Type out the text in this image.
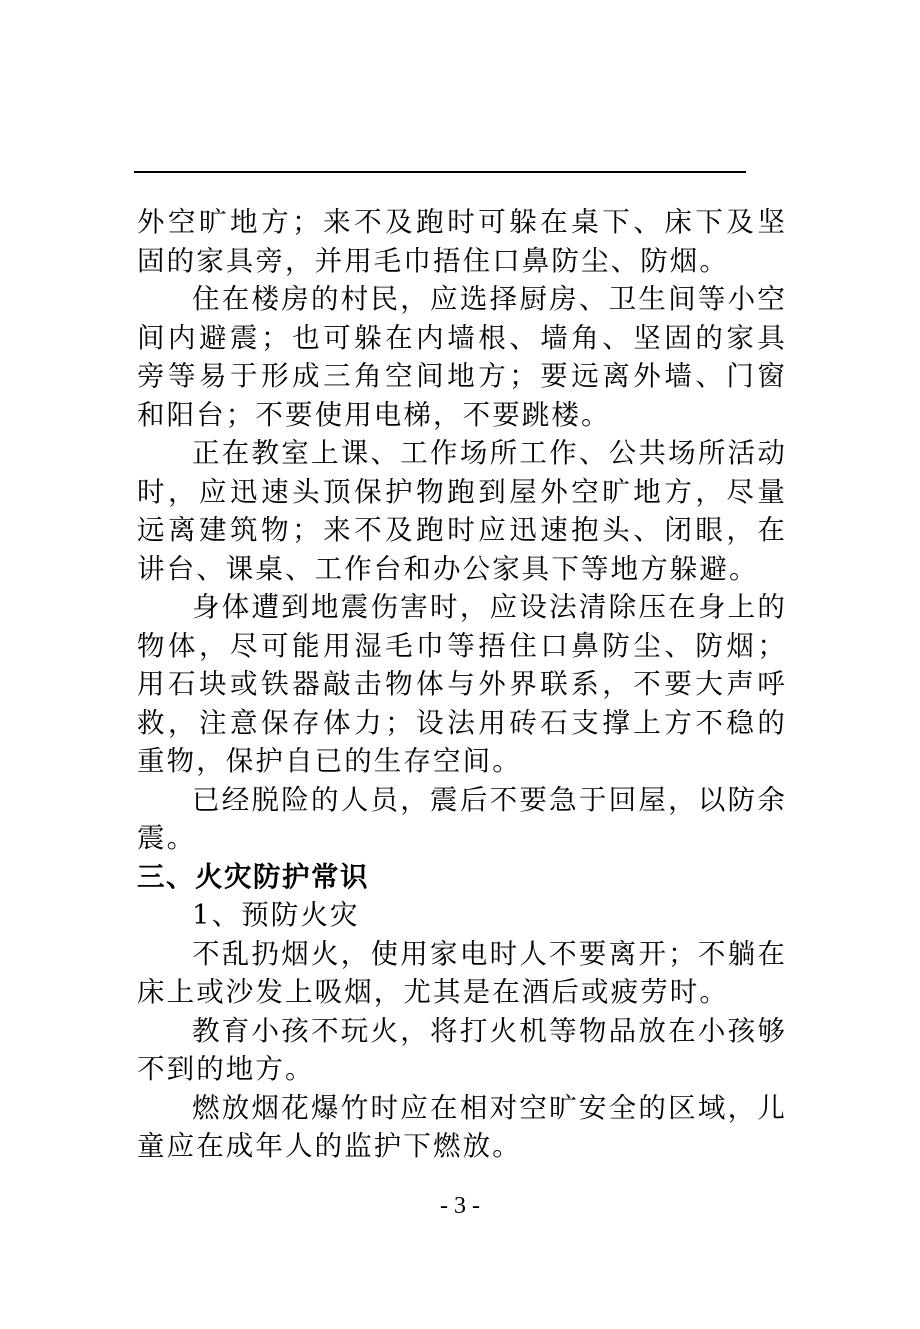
外空旷地方；来不及跑时可躲在桌下、床下及坚固的家具旁，并用毛巾捂住口鼻防尘、防烟。

住在楼房的村民，应选择厨房、卫生间等小空间内避震；也可躲在内墙根、墙角、坚固的家具旁等易于形成三角空间地方；要远离外墙、门窗和阳台；不要使用电梯，不要跳楼。

正在教室上课、工作场所工作、公共场所活动时，应迅速头顶保护物跑到屋外空旷地方，尽量远离建筑物；来不及跑时应迅速抱头、闭眼，在讲台、课桌、工作台和办公家具下等地方躲避。

身体遭到地震伤害时，应设法清除压在身上的物体，尽可能用湿毛巾等捂住口鼻防尘、防烟；用石块或铁器敲击物体与外界联系，不要大声呼救，注意保存体力；设法用砖石支撑上方不稳的重物，保护自已的生存空间。

已经脱险的人员，震后不要急于回屋，以防余震。

三、火灾防护常识

1、预防火灾

不乱扔烟火，使用家电时人不要离开；不躺在床上或沙发上吸烟，尤其是在酒后或疲劳时。

教育小孩不玩火，将打火机等物品放在小孩够不到的地方。

燃放烟花爆竹时应在相对空旷安全的区域，儿童应在成年人的监护下燃放。

- 3 -
